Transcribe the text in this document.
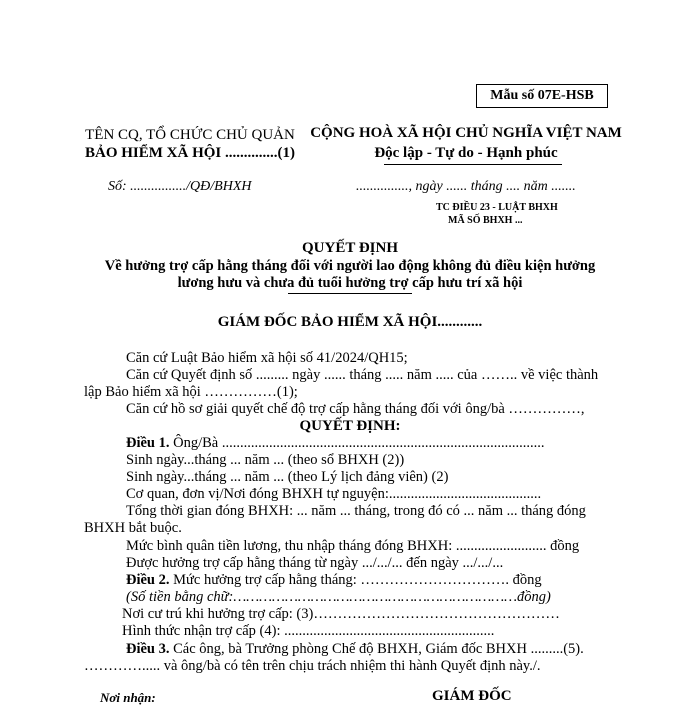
Mẫu số 07E-HSB
TÊN CQ, TỔ CHỨC CHỦ QUẢN
BẢO HIỂM XÃ HỘI ..............(1)
CỘNG HOÀ XÃ HỘI CHỦ NGHĨA VIỆT NAM
Độc lập - Tự do - Hạnh phúc
Số: ................/QĐ/BHXH	..............., ngày ...... tháng .... năm .......
TC ĐIỀU 23 - LUẬT BHXH
MÃ SỐ BHXH ...
QUYẾT ĐỊNH
Về hưởng trợ cấp hằng tháng đối với người lao động không đủ điều kiện hưởng
lương hưu và chưa đủ tuổi hưởng trợ cấp hưu trí xã hội
GIÁM ĐỐC BẢO HIỂM XÃ HỘI............
Căn cứ Luật Bảo hiểm xã hội số 41/2024/QH15;
Căn cứ Quyết định số ......... ngày ...... tháng ..... năm ..... của …….. về việc thành
lập Bảo hiểm xã hội ……………(1);
Căn cứ hồ sơ giải quyết chế độ trợ cấp hằng tháng đối với ông/bà ……………,
QUYẾT ĐỊNH:
Điều 1. Ông/Bà .........................................................................................
Sinh ngày...tháng ... năm ... (theo sổ BHXH (2))
Sinh ngày...tháng ... năm ... (theo Lý lịch đảng viên) (2)
Cơ quan, đơn vị/Nơi đóng BHXH tự nguyện:..........................................
Tổng thời gian đóng BHXH: ... năm ... tháng, trong đó có ... năm ... tháng đóng
BHXH bắt buộc.
Mức bình quân tiền lương, thu nhập tháng đóng BHXH: ......................... đồng
Được hưởng trợ cấp hằng tháng từ ngày .../.../... đến ngày .../.../...
Điều 2. Mức hưởng trợ cấp hằng tháng: …………………………. đồng
(Số tiền bằng chữ:…………………………………………………………đồng)
Nơi cư trú khi hưởng trợ cấp: (3)……………………………………………
Hình thức nhận trợ cấp (4): ..........................................................
Điều 3. Các ông, bà Trưởng phòng Chế độ BHXH, Giám đốc BHXH .........(5).
…………..... và ông/bà có tên trên chịu trách nhiệm thi hành Quyết định này./.
Nơi nhận:	GIÁM ĐỐC
